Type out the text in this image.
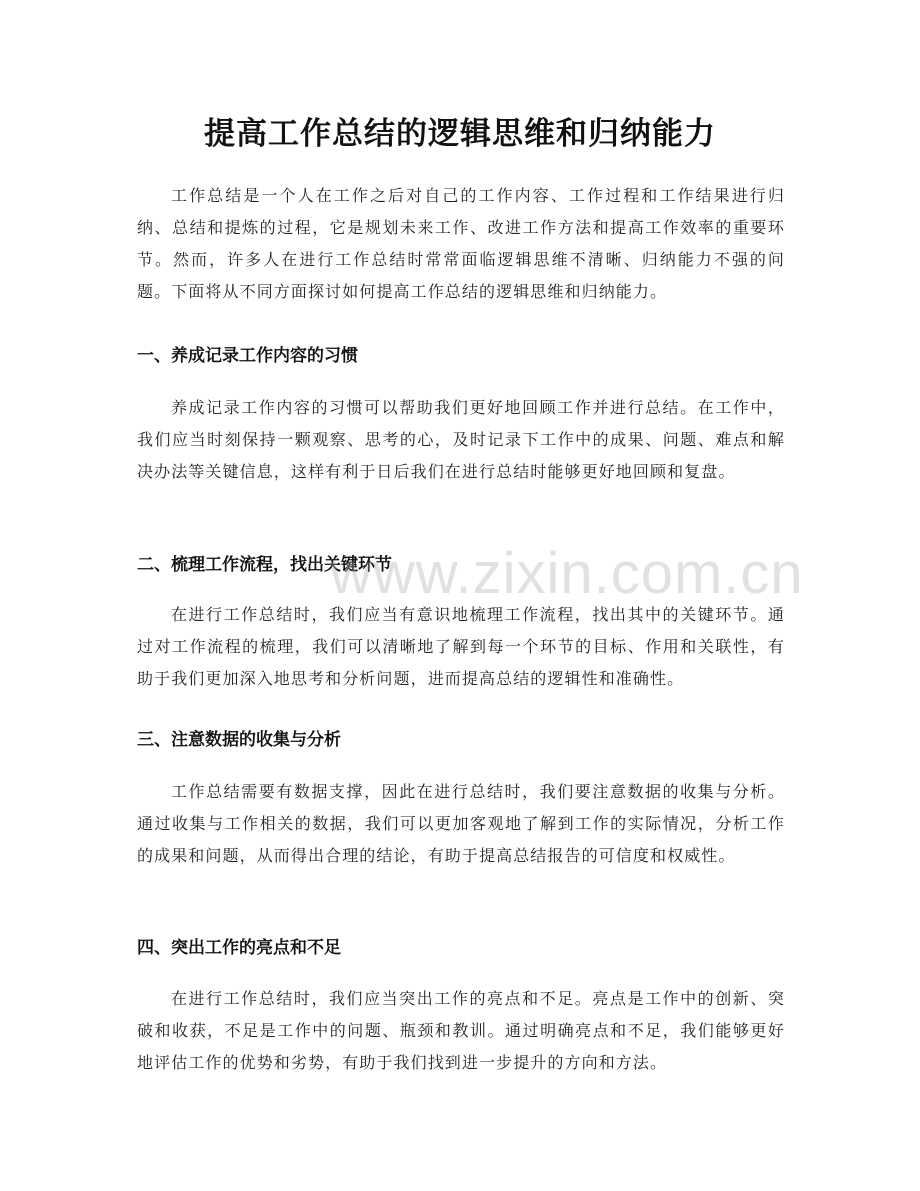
提高工作总结的逻辑思维和归纳能力

工作总结是一个人在工作之后对自己的工作内容、工作过程和工作结果进行归纳、总结和提炼的过程，它是规划未来工作、改进工作方法和提高工作效率的重要环节。然而，许多人在进行工作总结时常常面临逻辑思维不清晰、归纳能力不强的问题。下面将从不同方面探讨如何提高工作总结的逻辑思维和归纳能力。

一、养成记录工作内容的习惯

养成记录工作内容的习惯可以帮助我们更好地回顾工作并进行总结。在工作中，我们应当时刻保持一颗观察、思考的心，及时记录下工作中的成果、问题、难点和解决办法等关键信息，这样有利于日后我们在进行总结时能够更好地回顾和复盘。

二、梳理工作流程，找出关键环节

在进行工作总结时，我们应当有意识地梳理工作流程，找出其中的关键环节。通过对工作流程的梳理，我们可以清晰地了解到每一个环节的目标、作用和关联性，有助于我们更加深入地思考和分析问题，进而提高总结的逻辑性和准确性。

三、注意数据的收集与分析

工作总结需要有数据支撑，因此在进行总结时，我们要注意数据的收集与分析。通过收集与工作相关的数据，我们可以更加客观地了解到工作的实际情况，分析工作的成果和问题，从而得出合理的结论，有助于提高总结报告的可信度和权威性。

四、突出工作的亮点和不足

在进行工作总结时，我们应当突出工作的亮点和不足。亮点是工作中的创新、突破和收获，不足是工作中的问题、瓶颈和教训。通过明确亮点和不足，我们能够更好地评估工作的优势和劣势，有助于我们找到进一步提升的方向和方法。

www.zixin.com.cn
